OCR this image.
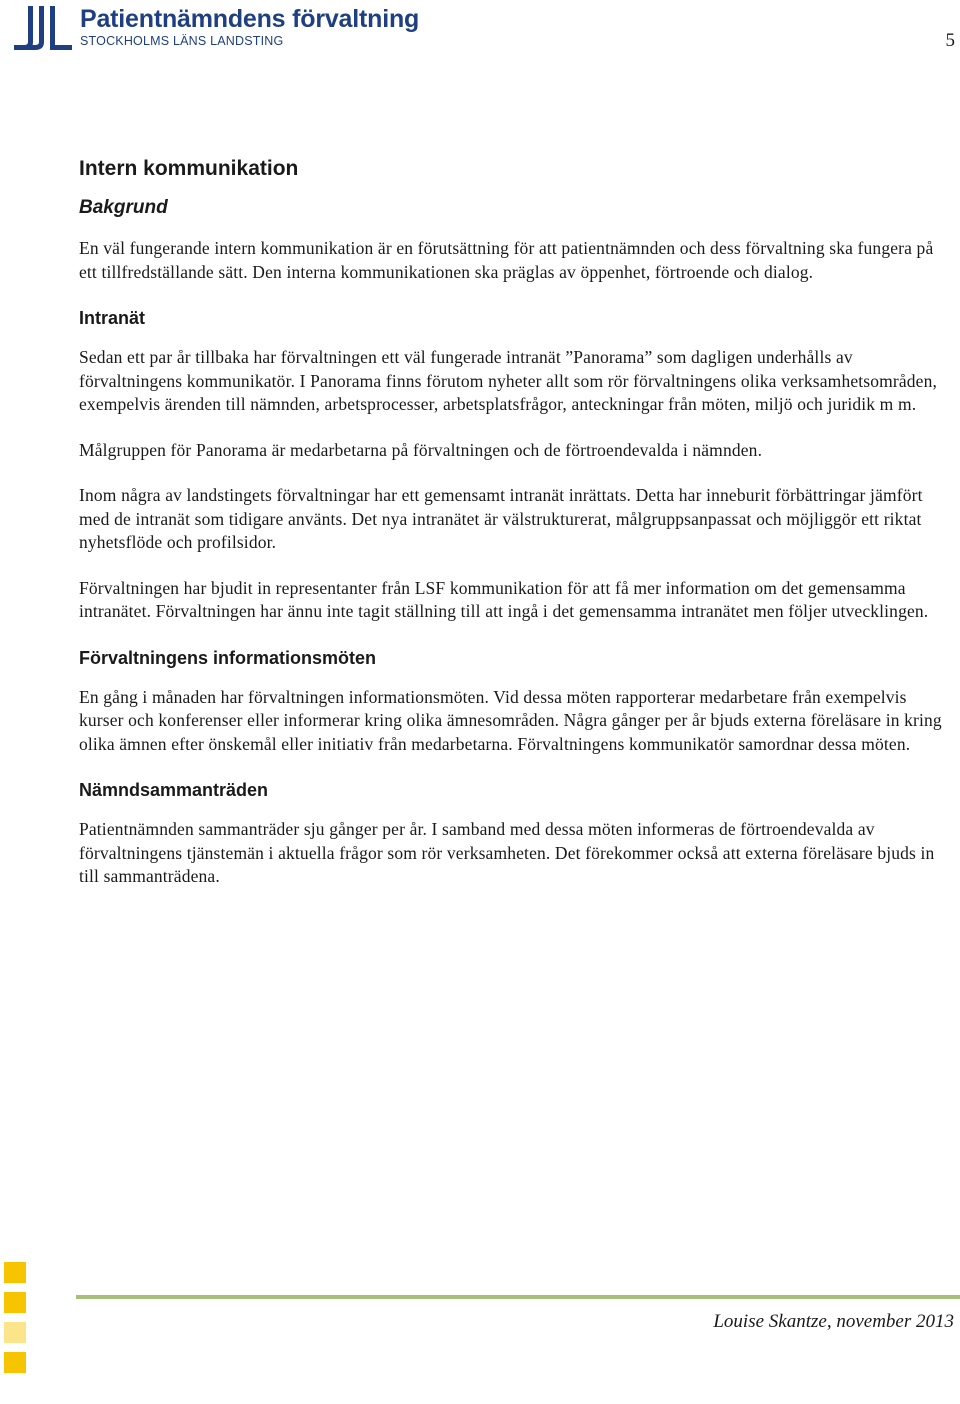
Patientnämndens förvaltning
STOCKHOLMS LÄNS LANDSTING	5
Intern kommunikation
Bakgrund

En väl fungerande intern kommunikation är en förutsättning för att patientnämnden och dess förvaltning ska fungera på ett tillfredställande sätt. Den interna kommunikationen ska präglas av öppenhet, förtroende och dialog.

Intranät

Sedan ett par år tillbaka har förvaltningen ett väl fungerade intranät ”Panorama” som dagligen underhålls av förvaltningens kommunikatör. I Panorama finns förutom nyheter allt som rör förvaltningens olika verksamhetsområden, exempelvis ärenden till nämnden, arbetsprocesser, arbetsplatsfrågor, anteckningar från möten, miljö och juridik m m.

Målgruppen för Panorama är medarbetarna på förvaltningen och de förtroendevalda i nämnden.

Inom några av landstingets förvaltningar har ett gemensamt intranät inrättats. Detta har inneburit förbättringar jämfört med de intranät som tidigare använts. Det nya intranätet är välstrukturerat, målgruppsanpassat och möjliggör ett riktat nyhetsflöde och profilsidor.

Förvaltningen har bjudit in representanter från LSF kommunikation för att få mer information om det gemensamma intranätet. Förvaltningen har ännu inte tagit ställning till att ingå i det gemensamma intranätet men följer utvecklingen.

Förvaltningens informationsmöten

En gång i månaden har förvaltningen informationsmöten. Vid dessa möten rapporterar medarbetare från exempelvis kurser och konferenser eller informerar kring olika ämnesområden. Några gånger per år bjuds externa föreläsare in kring olika ämnen efter önskemål eller initiativ från medarbetarna. Förvaltningens kommunikatör samordnar dessa möten.

Nämndsammanträden

Patientnämnden sammanträder sju gånger per år. I samband med dessa möten informeras de förtroendevalda av förvaltningens tjänstemän i aktuella frågor som rör verksamheten. Det förekommer också att externa föreläsare bjuds in till sammanträdena.

Louise Skantze, november 2013
